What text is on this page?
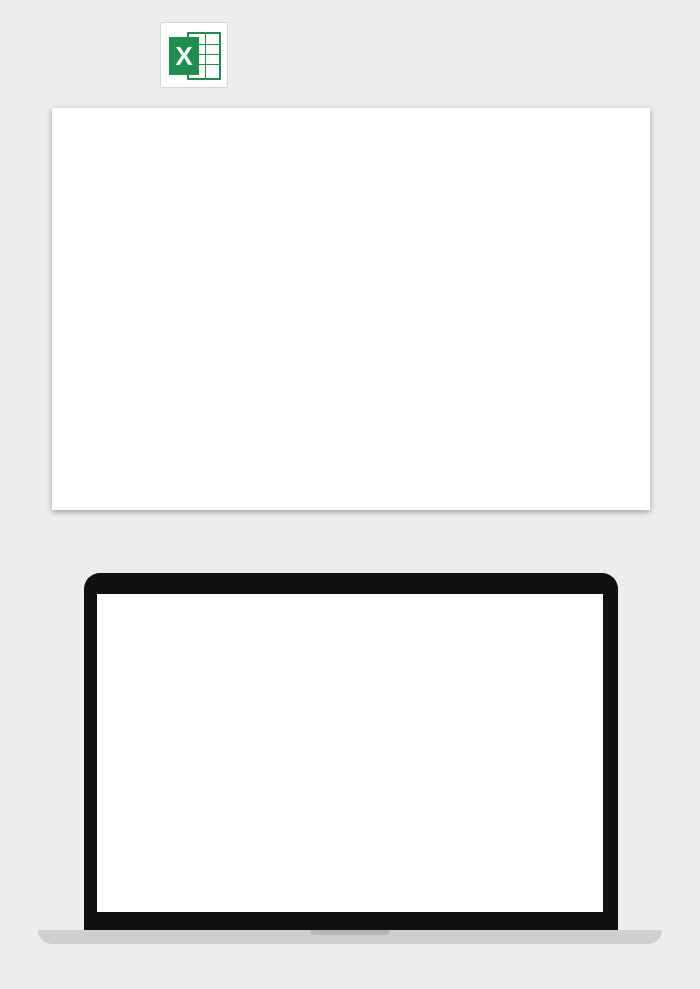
X
